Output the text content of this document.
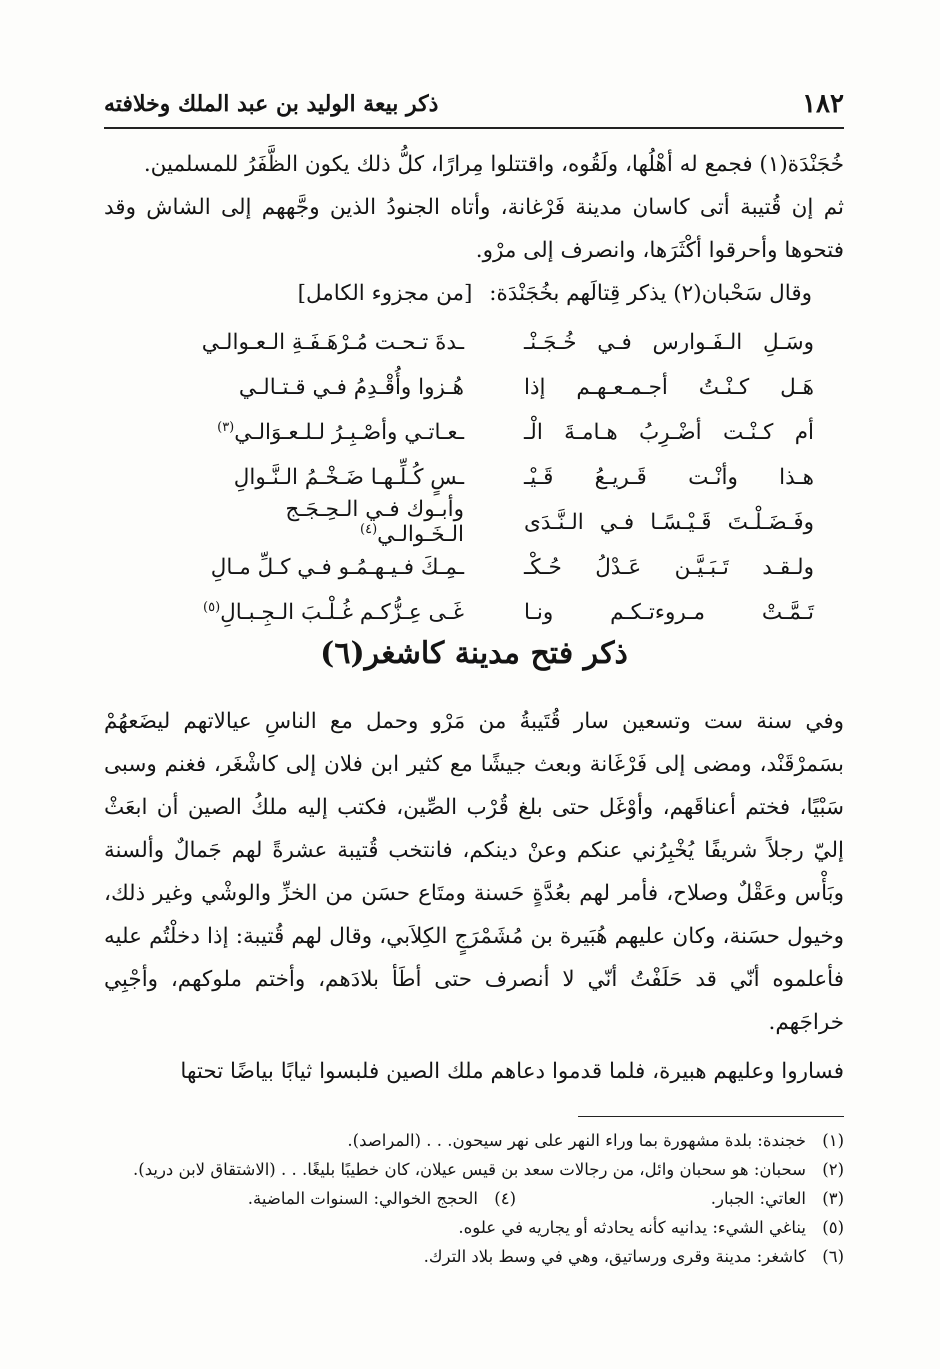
١٨٢
ذكر بيعة الوليد بن عبد الملك وخلافته

خُجَنْدَة(١) فجمع له أهْلُها، ولَقُوه، واقتتلوا مِرارًا، كلُّ ذلك يكون الظَّفَرُ للمسلمين.

ثم إن قُتيبة أتى كاسان مدينة فَرْغانة، وأتاه الجنودُ الذين وجَّههم إلى الشاش وقد فتحوها وأحرقوا أكْثَرَها، وانصرف إلى مرْو.

وقال سَحْبان(٢) يذكر قِتالَهم بخُجَنْدَة: [من مجزوء الكامل]

وسَـلِ الـفَـوارس فـي خُـجَـنْـ
ـدةَ تـحـت مُـرْهَـفَـةِ الـعـوالـي
هَـل كـنْـتُ أجـمـعـهـم إذا
هُـزوا وأُقْـدِمُ فـي قـتـالـي
أم كـنْـت أضْـرِبُ هـامـةَ الْـ
ـعـاتـي وأصْـبِـرُ لـلـعـوَالـي$^{(٣)}$
هـذا وأنْـت قَـريـعُ قَـيْـ
ـسٍ كُـلِّـهـا ضَـخْـمُ الـنَّـوالِ
وفَـضَـلْـتَ قَـيْـسًـا فـي الـنَّـدَى
وأبـوك فـي الـحِـجَـج الـخَـوالـي$^{(٤)}$
ولـقـد تَـبَـيَّـن عَـدْلُ حُـكْـ
ـمِـكَ فـيـهـمُـو فـي كـلِّ مـالِ
تَـمَّـتْ مـروءتـكـم ونـا
غَـى عِـزُّكـم غُـلْـبَ الـجِـبـالِ$^{(٥)}$
ذكر فتح مدينة كاشغر(٦)

وفي سنة ست وتسعين سار قُتَيبةُ من مَرْو وحمل مع الناسِ عيالاتهم ليضَعهُمْ بسَمرْقَنْد، ومضى إلى فَرْغَانة وبعث جيشًا مع كثير ابن فلان إلى كاشْغَر، فغنم وسبى سَبْيًا، فختم أعناقَهم، وأوْغَل حتى بلغ قُرْب الصِّين، فكتب إليه ملكُ الصين أن ابعَثْ إليّ رجلاً شريفًا يُخْبِرُني عنكم وعنْ دينكم، فانتخب قُتيبة عشرةً لهم جَمالٌ وألسنة وبَأْس وعَقْلٌ وصلاح، فأمر لهم بعُدَّةٍ حَسنة ومتَاع حسَن من الخزِّ والوشْي وغير ذلك، وخيول حسَنة، وكان عليهم هُبَيرة بن مُشَمْرَجٍ الكِلاَبي، وقال لهم قُتيبة: إذا دخلْتُم عليه فأعلموه أنّي قد حَلَفْتُ أنّي لا أنصرف حتى أطَأ بلادَهم، وأختم ملوكهم، وأجْبِي خراجَهم.

فساروا وعليهم هبيرة، فلما قدموا دعاهم ملك الصين فلبسوا ثيابًا بياضًا تحتها

(١)
خجندة: بلدة مشهورة بما وراء النهر على نهر سيحون. . . (المراصد).
(٢)
سحبان: هو سحبان وائل، من رجالات سعد بن قيس عيلان، كان خطيبًا بليغًا. . . (الاشتقاق لابن دريد).
(٣)
العاتي: الجبار.
(٤)
الحجج الخوالي: السنوات الماضية.
(٥)
يناغي الشيء: يدانيه كأنه يحادثه أو يجاريه في علوه.
(٦)
كاشغر: مدينة وقرى ورساتيق، وهي في وسط بلاد الترك.
